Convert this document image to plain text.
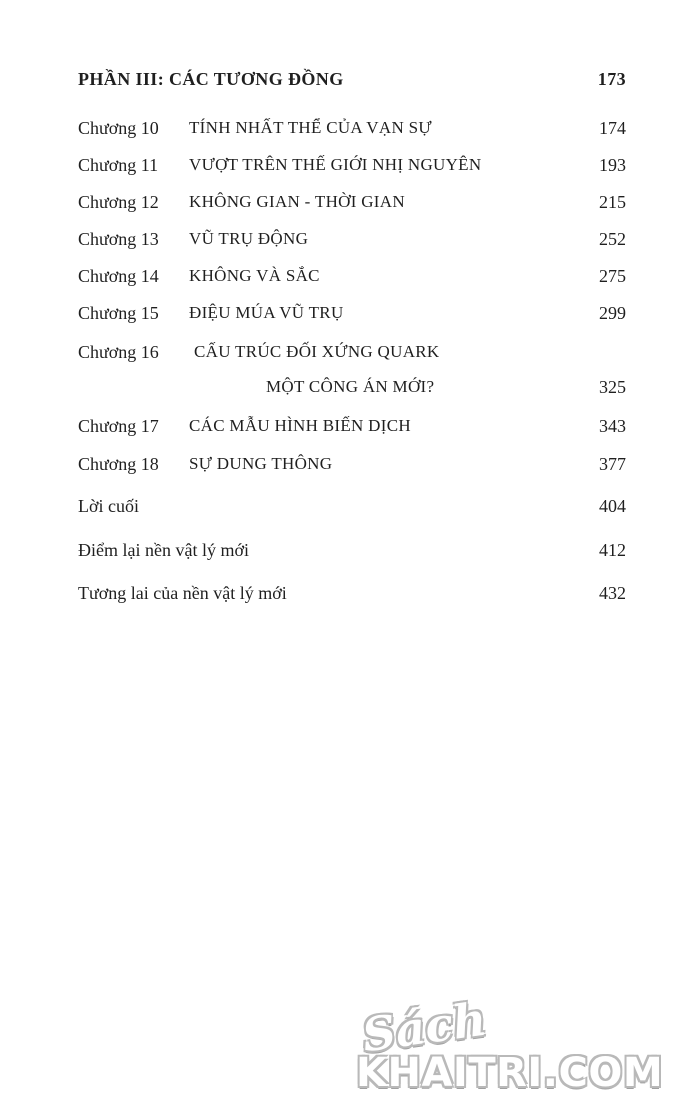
PHẦN III: CÁC TƯƠNG ĐỒNG	173
Chương 10 TÍNH NHẤT THỂ CỦA VẠN SỰ	174
Chương 11 VƯỢT TRÊN THẾ GIỚI NHỊ NGUYÊN	193
Chương 12 KHÔNG GIAN - THỜI GIAN	215
Chương 13 VŨ TRỤ ĐỘNG	252
Chương 14 KHÔNG VÀ SẮC	275
Chương 15 ĐIỆU MÚA VŨ TRỤ	299
Chương 16 CẤU TRÚC ĐỐI XỨNG QUARK
MỘT CÔNG ÁN MỚI?	325
Chương 17 CÁC MẪU HÌNH BIẾN DỊCH	343
Chương 18 SỰ DUNG THÔNG	377
Lời cuối	404
Điểm lại nền vật lý mới	412
Tương lai của nền vật lý mới	432
Sách
KHAITRI.COM
